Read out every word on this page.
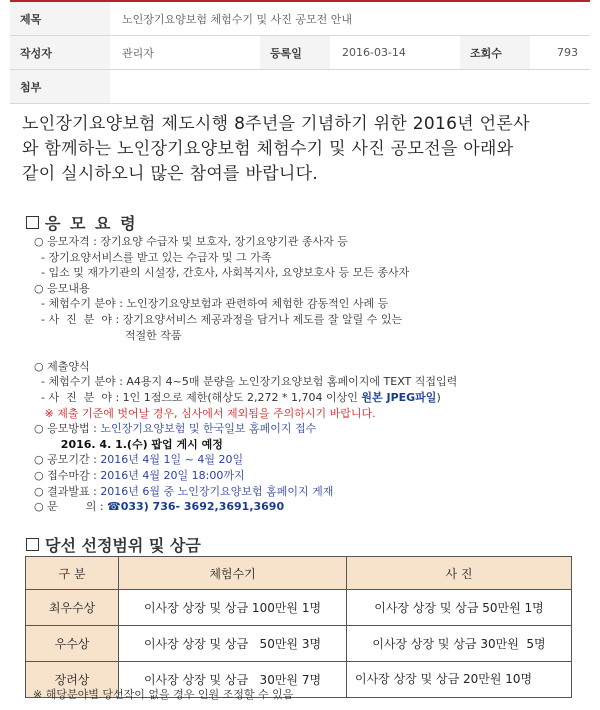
제목	노인장기요양보험 체험수기 및 사진 공모전 안내
작성자	관리자	등록일	2016-03-14	조회수	793
첨부
노인장기요양보험 제도시행 8주년을 기념하기 위한 2016년 언론사
와 함께하는 노인장기요양보험 체험수기 및 사진 공모전을 아래와
같이 실시하오니 많은 참여를 바랍니다.
응 모 요 령
○ 응모자격 : 장기요양 수급자 및 보호자, 장기요양기관 종사자 등
- 장기요양서비스를 받고 있는 수급자 및 그 가족
- 입소 및 재가기관의 시설장, 간호사, 사회복지사, 요양보호사 등 모든 종사자
○ 응모내용
- 체험수기 분야 : 노인장기요양보험과 관련하여 체험한 감동적인 사례 등
- 사  진  분  야 : 장기요양서비스 제공과정을 담거나 제도를 잘 알릴 수 있는
적절한 작품
○ 제출양식
- 체험수기 분야 : A4용지 4~5매 분량을 노인장기요양보험 홈페이지에 TEXT 직접입력
- 사  진  분  야 : 1인 1점으로 제한(해상도 2,272 * 1,704 이상인 원본 JPEG파일)
※ 제출 기준에 벗어날 경우, 심사에서 제외됨을 주의하시기 바랍니다.
○ 응모방법 : 노인장기요양보험 및 한국일보 홈페이지 접수
2016. 4. 1.(수) 팝업 게시 예정
○ 공모기간 : 2016년 4월 1일 ~ 4월 20일
○ 접수마감 : 2016년 4월 20일 18:00까지
○ 결과발표 : 2016년 6월 중 노인장기요양보험 홈페이지 게재
○ 문        의 : ☎033) 736- 3692,3691,3690
당선 선정범위 및 상금
구 분	체험수기	사 진
최우수상	이사장 상장 및 상금 100만원 1명	이사장 상장 및 상금 50만원 1명
우수상	이사장 상장 및 상금   50만원 3명	이사장 상장 및 상금 30만원  5명
장려상	이사장 상장 및 상금   30만원 7명	이사장 상장 및 상금 20만원 10명
※ 해당분야별 당선작이 없을 경우 인원 조정할 수 있음
